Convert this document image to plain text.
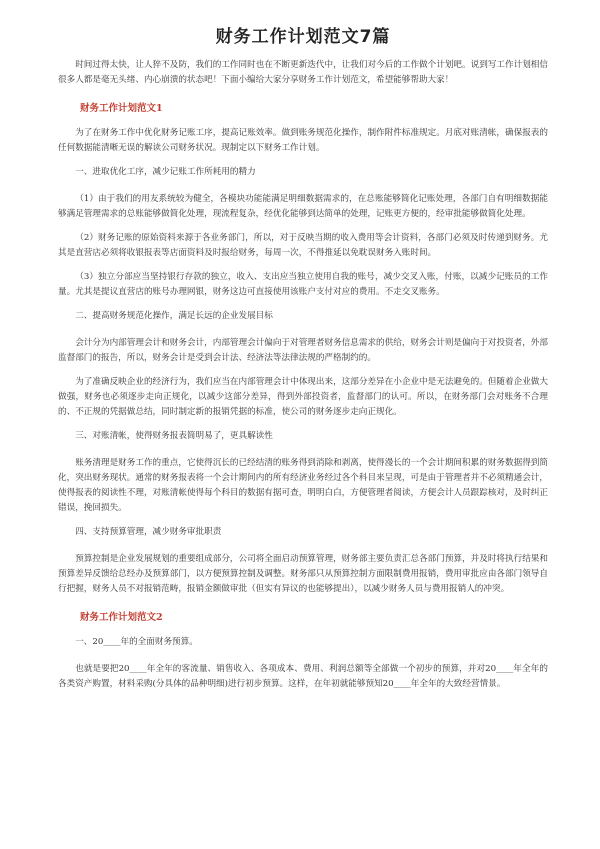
财务工作计划范文7篇

时间过得太快，让人猝不及防，我们的工作同时也在不断更新迭代中，让我们对今后的工作做个计划吧。说到写工作计划相信很多人都是毫无头绪、内心崩溃的状态吧！下面小编给大家分享财务工作计划范文，希望能够帮助大家！

财务工作计划范文1

为了在财务工作中优化财务记账工序，提高记账效率。做到账务规范化操作，制作附件标准规定。月底对账清帐，确保报表的任何数据能清晰无误的解读公司财务状况。现制定以下财务工作计划。

一、进取优化工序，减少记账工作所耗用的精力

（1）由于我们的用友系统较为健全，各模块功能能满足明细数据需求的，在总账能够简化记账处理，各部门自有明细数据能够满足管理需求的总账能够做简化处理，现流程复杂，经优化能够到达简单的处理，记账更方便的，经审批能够做简化处理。

（2）财务记账的原始资料来源于各业务部门，所以，对于反映当期的收入费用等会计资料，各部门必须及时传递到财务。尤其是直营店必须将收银报表等店面资料及时报给财务，每周一次，不得推延以免耽误财务入账时间。

（3）独立分部应当坚持银行存款的独立，收入、支出应当独立使用自我的账号，减少交叉入账，付账，以减少记账员的工作量。尤其是提议直营店的账号办理网银，财务这边可直接使用该账户支付对应的费用。不走交叉账务。

二、提高财务规范化操作，满足长远的企业发展目标

会计分为内部管理会计和财务会计，内部管理会计偏向于对管理者财务信息需求的供给，财务会计则是偏向于对投资者，外部监督部门的报告，所以，财务会计是受到会计法、经济法等法律法规的严格制约的。

为了准确反映企业的经济行为，我们应当在内部管理会计中体现出来，这部分差异在小企业中是无法避免的。但随着企业做大做强，财务也必须逐步走向正规化，以减少这部分差异，得到外部投资者，监督部门的认可。所以，在财务部门会对账务不合理的、不正规的凭据做总结，同时制定新的报销凭据的标准，使公司的财务逐步走向正规化。

三、对账清帐，使得财务报表简明易了，更具解读性

账务清理是财务工作的重点，它使得沉长的已经结清的账务得到消除和剥离，使得漫长的一个会计期间积累的财务数据得到简化，突出财务现状。通常的财务报表将一个会计期间内的所有经济业务经过各个科目来呈现，可是由于管理者并不必须精通会计，使得报表的阅读性不理，对账清帐使得每个科目的数据有据可查，明明白白，方便管理者阅读，方便会计人员跟踪核对，及时纠正错误，挽回损失。

四、支持预算管理，减少财务审批职责

预算控制是企业发展规划的重要组成部分，公司将全面启动预算管理，财务部主要负责汇总各部门预算，并及时将执行结果和预算差异反馈给总经办及预算部门，以方便预算控制及调整。财务部只从预算控制方面限制费用报销，费用审批应由各部门领导自行把握，财务人员不对报销范畴，报销金额做审批（但实有异议的也能够提出），以减少财务人员与费用报销人的冲突。

财务工作计划范文2

一、20____年的全面财务预算。

也就是要把20____年全年的客流量、销售收入、各项成本、费用、利润总额等全部做一个初步的预算，并对20____年全年的各类资产购置，材料采购(分具体的品种明细)进行初步预算。这样，在年初就能够预知20____年全年的大致经营情景。
